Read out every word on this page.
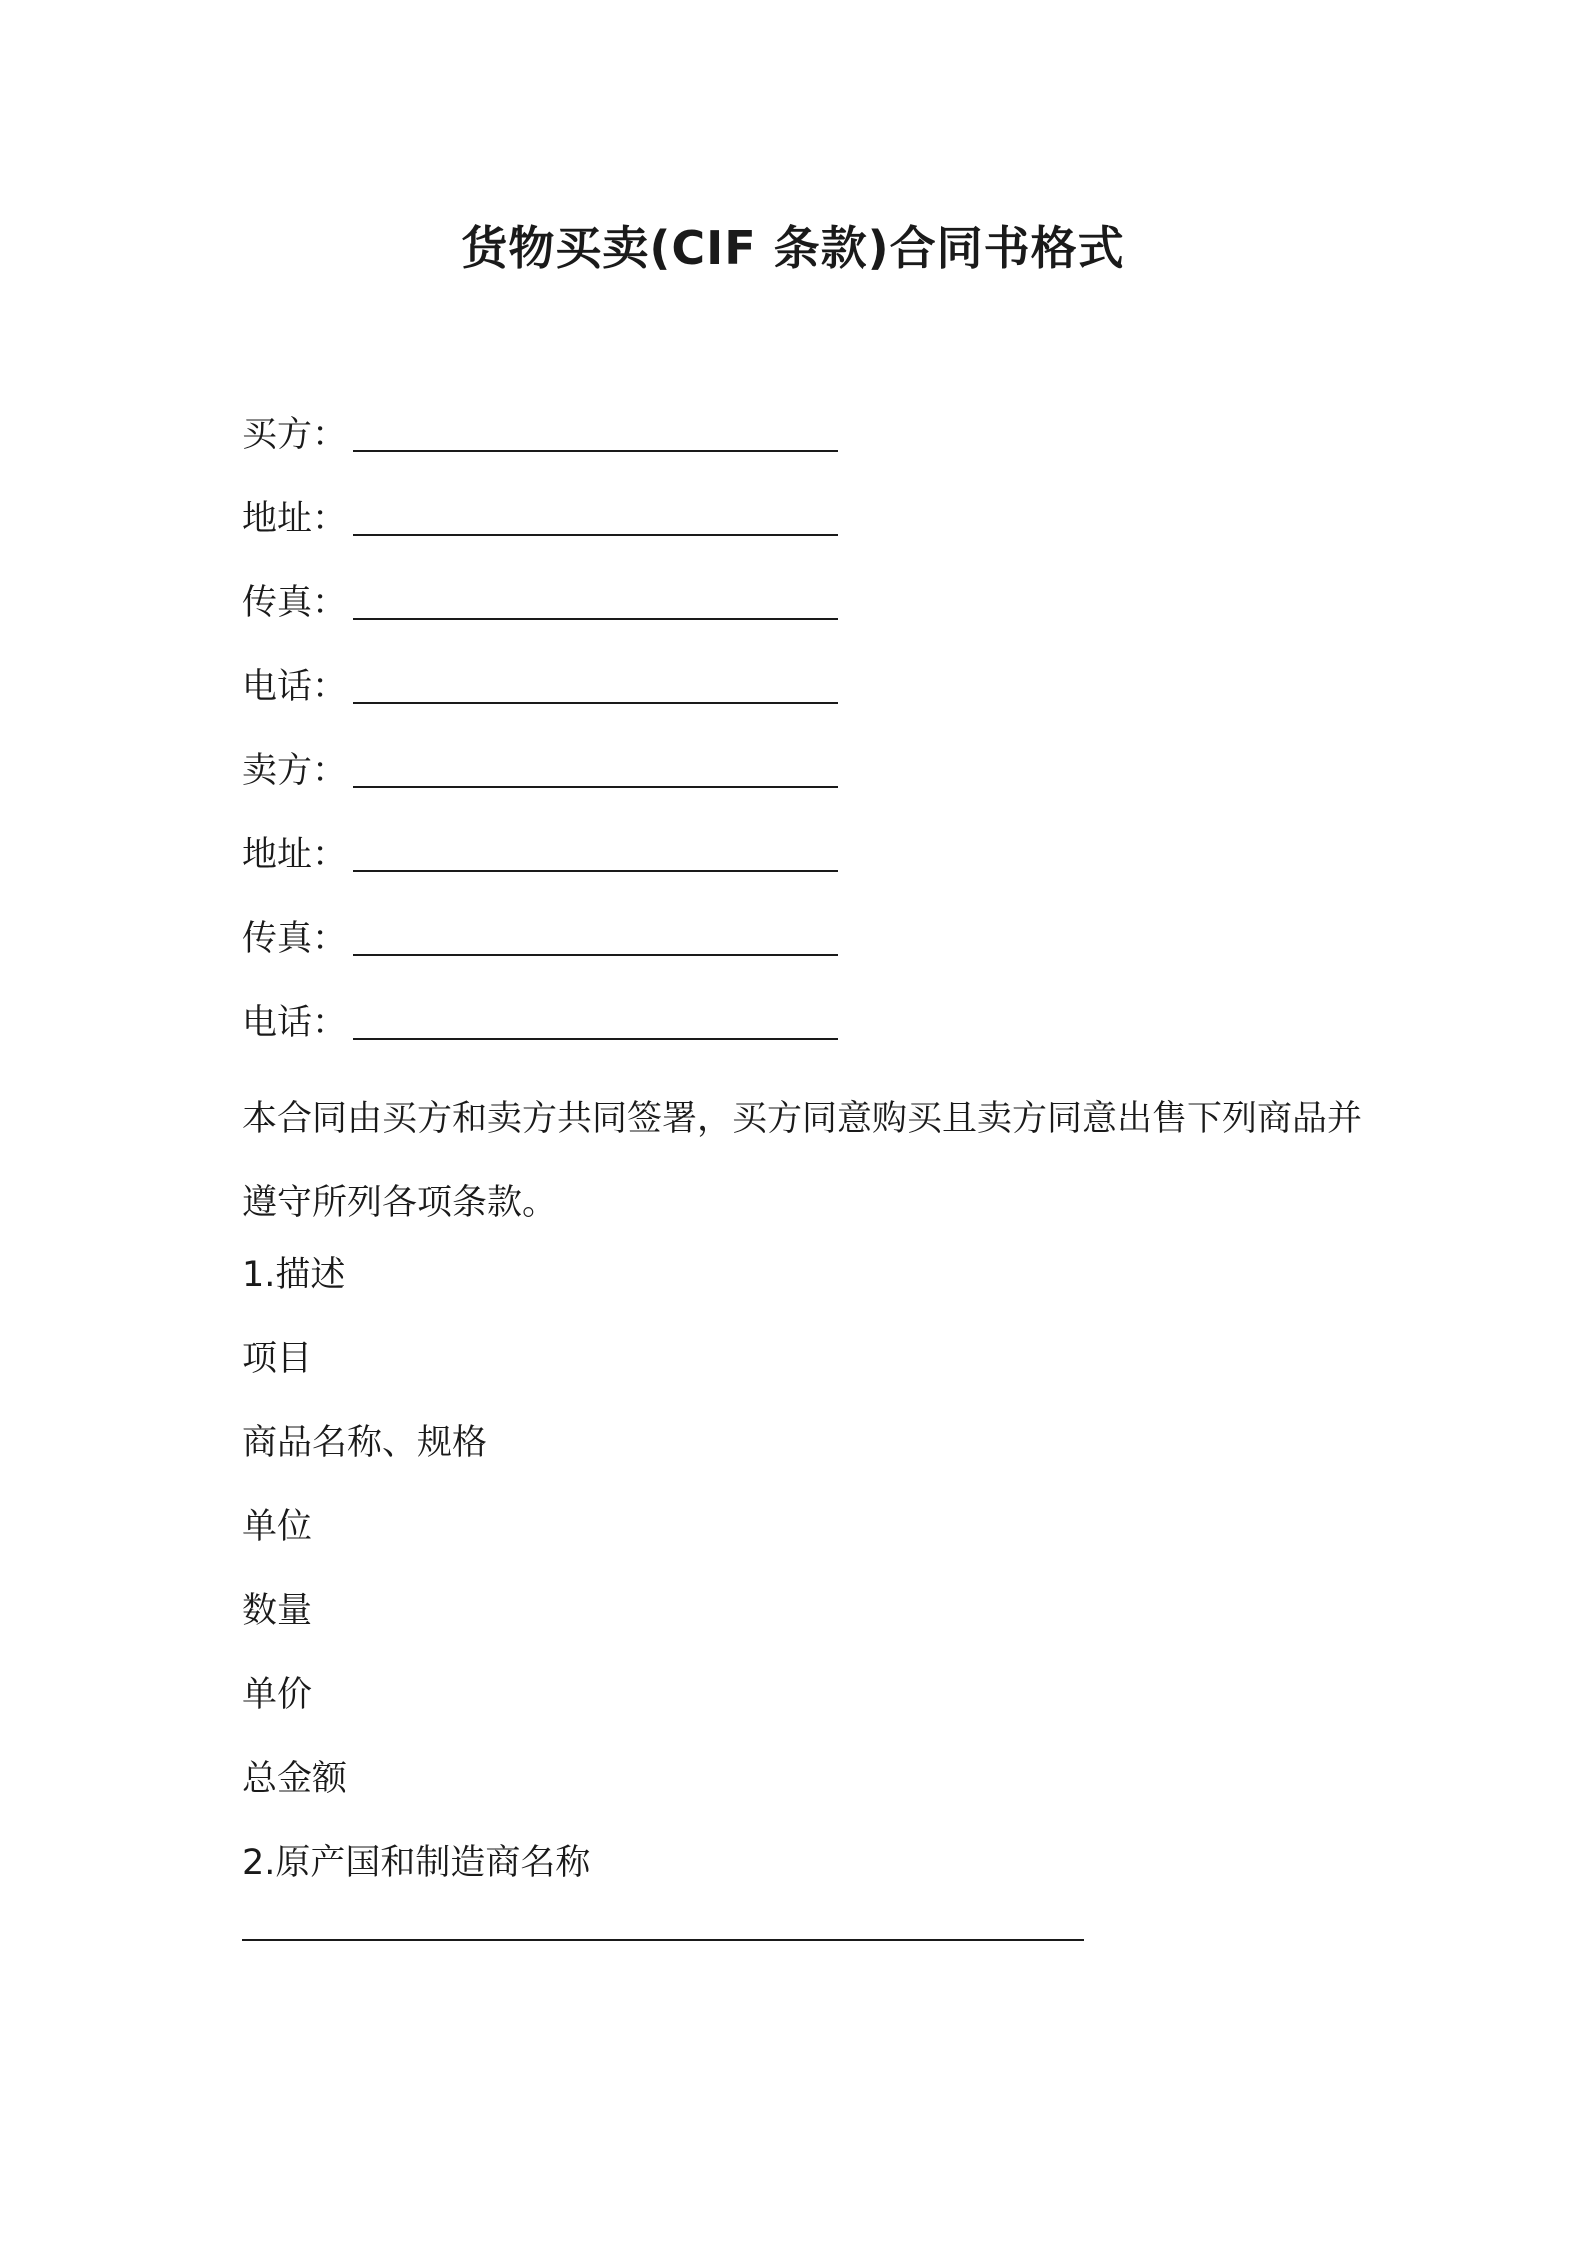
货物买卖(CIF 条款)合同书格式
买方：
地址：
传真：
电话：
卖方：
地址：
传真：
电话：
本合同由买方和卖方共同签署，买方同意购买且卖方同意出售下列商品并遵守所列各项条款。
1.描述
项目
商品名称、规格
单位
数量
单价
总金额
2.原产国和制造商名称
